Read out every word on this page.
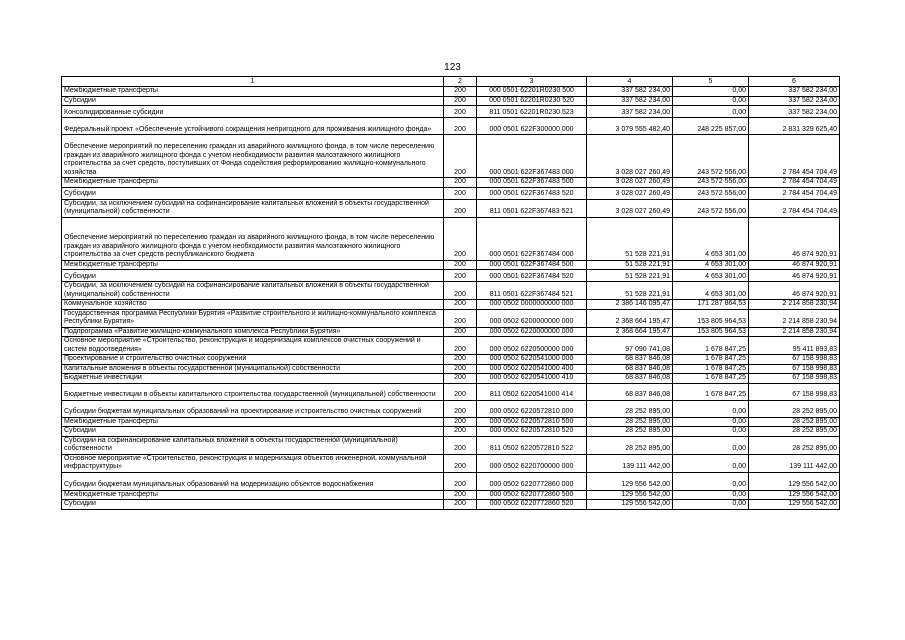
123
1	2	3	4	5	6
Межбюджетные трансферты	200	000 0501 62201R0230 500	337 582 234,00	0,00	337 582 234,00
Субсидии	200	000 0501 62201R0230 520	337 582 234,00	0,00	337 582 234,00
Консолидированные субсидии	200	811 0501 62201R0230 523	337 582 234,00	0,00	337 582 234,00
Федеральный проект «Обеспечение устойчивого сокращения непригодного для проживания жилищного фонда»	200	000 0501 622F300000 000	3 079 555 482,40	248 225 857,00	2 831 329 625,40
Обеспечение мероприятий по переселению граждан из аварийного жилищного фонда, в том числе переселению граждан из аварийного жилищного фонда с учетом необходимости развития малоэтажного жилищного строительства за счет средств, поступивших от Фонда содействия реформированию жилищно-коммунального хозяйства	200	000 0501 622F367483 000	3 028 027 260,49	243 572 556,00	2 784 454 704,49
Межбюджетные трансферты	200	000 0501 622F367483 500	3 028 027 260,49	243 572 556,00	2 784 454 704,49
Субсидии	200	000 0501 622F367483 520	3 028 027 260,49	243 572 556,00	2 784 454 704,49
Субсидии, за исключением субсидий на софинансирование капитальных вложений в объекты государственной (муниципальной) собственности	200	811 0501 622F367483 521	3 028 027 260,49	243 572 556,00	2 784 454 704,49
Обеспечение мероприятий по переселению граждан из аварийного жилищного фонда, в том числе переселению граждан из аварийного жилищного фонда с учетом необходимости развития малоэтажного жилищного строительства за счет средств республиканского бюджета	200	000 0501 622F367484 000	51 528 221,91	4 653 301,00	46 874 920,91
Межбюджетные трансферты	200	000 0501 622F367484 500	51 528 221,91	4 653 301,00	46 874 920,91
Субсидии	200	000 0501 622F367484 520	51 528 221,91	4 653 301,00	46 874 920,91
Субсидии, за исключением субсидий на софинансирование капитальных вложений в объекты государственной (муниципальной) собственности	200	811 0501 622F367484 521	51 528 221,91	4 653 301,00	46 874 920,91
Коммунальное хозяйство	200	000 0502 0000000000 000	2 386 146 095,47	171 287 864,53	2 214 858 230,94
Государственная программа Республики Бурятия «Развитие строительного и жилищно-коммунального комплекса Республики Бурятия»	200	000 0502 6200000000 000	2 368 664 195,47	153 805 964,53	2 214 858 230,94
Подпрограмма «Развитие жилищно-коммунального комплекса Республики Бурятия»	200	000 0502 6220000000 000	2 368 664 195,47	153 805 964,53	2 214 858 230,94
Основное мероприятие «Строительство, реконструкция и модернизация комплексов очистных сооружений и систем водоотведения»	200	000 0502 6220500000 000	97 090 741,08	1 678 847,25	95 411 893,83
Проектирование и строительство очистных сооружений	200	000 0502 6220541000 000	68 837 846,08	1 678 847,25	67 158 998,83
Капитальные вложения в объекты государственной (муниципальной) собственности	200	000 0502 6220541000 400	68 837 846,08	1 678 847,25	67 158 998,83
Бюджетные инвестиции	200	000 0502 6220541000 410	68 837 846,08	1 678 847,25	67 158 998,83
Бюджетные инвестиции в объекты капитального строительства государственной (муниципальной) собственности	200	811 0502 6220541000 414	68 837 846,08	1 678 847,25	67 158 998,83
Субсидии бюджетам муниципальных образований на проектирование и строительство очистных сооружений	200	000 0502 6220572810 000	28 252 895,00	0,00	28 252 895,00
Межбюджетные трансферты	200	000 0502 6220572810 500	28 252 895,00	0,00	28 252 895,00
Субсидии	200	000 0502 6220572810 520	28 252 895,00	0,00	28 252 895,00
Субсидии на софинансирование капитальных вложений в объекты государственной (муниципальной) собственности	200	811 0502 6220572810 522	28 252 895,00	0,00	28 252 895,00
Основное мероприятие «Строительство, реконструкция и модернизация объектов инженерной, коммунальной инфраструктуры»	200	000 0502 6220700000 000	139 111 442,00	0,00	139 111 442,00
Субсидии бюджетам муниципальных образований на модернизацию объектов водоснабжения	200	000 0502 6220772860 000	129 556 542,00	0,00	129 556 542,00
Межбюджетные трансферты	200	000 0502 6220772860 500	129 556 542,00	0,00	129 556 542,00
Субсидии	200	000 0502 6220772860 520	129 556 542,00	0,00	129 556 542,00
